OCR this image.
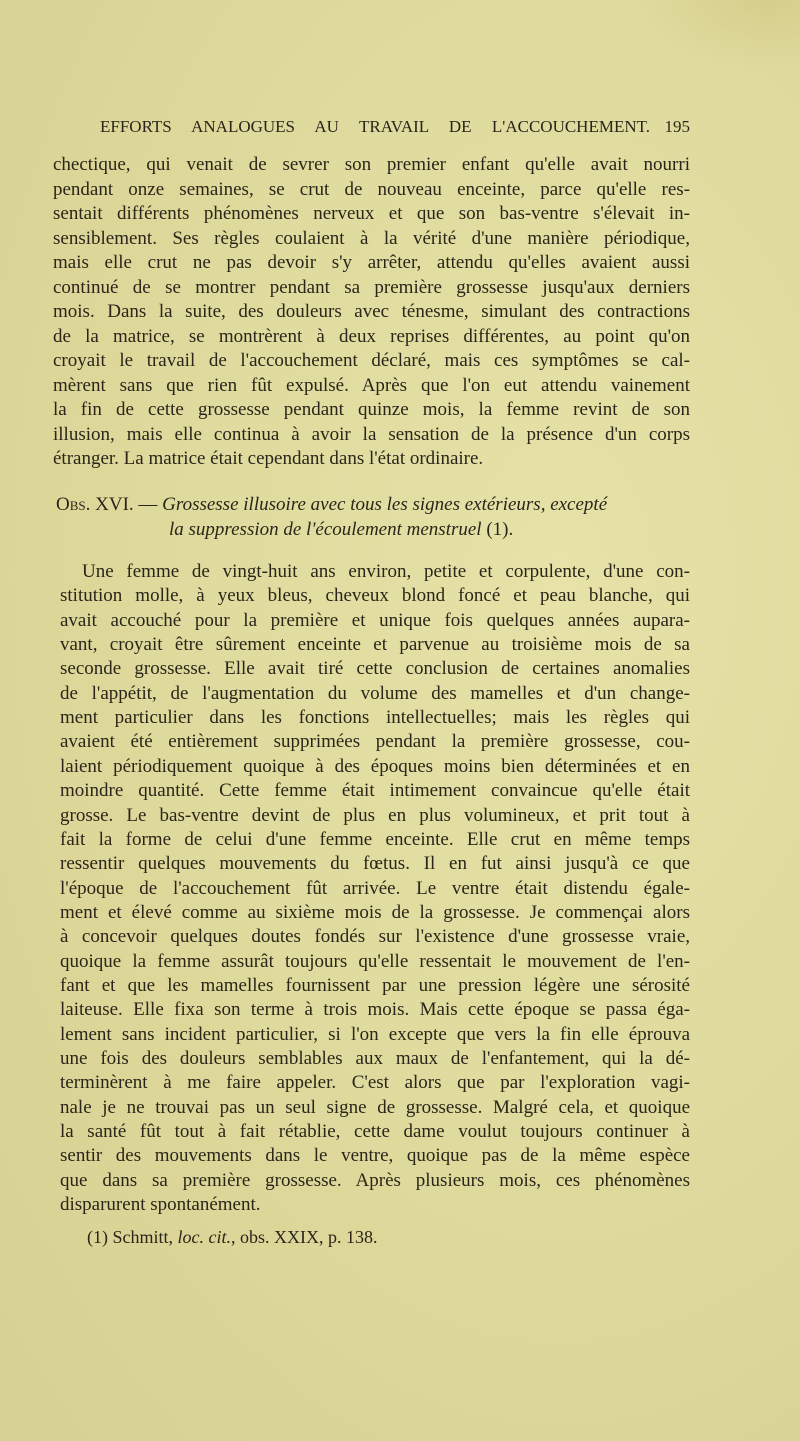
EFFORTS ANALOGUES AU TRAVAIL DE L'ACCOUCHEMENT. 195
chectique, qui venait de sevrer son premier enfant qu'elle avait nourri
pendant onze semaines, se crut de nouveau enceinte, parce qu'elle res-
sentait différents phénomènes nerveux et que son bas-ventre s'élevait in-
sensiblement. Ses règles coulaient à la vérité d'une manière périodique,
mais elle crut ne pas devoir s'y arrêter, attendu qu'elles avaient aussi
continué de se montrer pendant sa première grossesse jusqu'aux derniers
mois. Dans la suite, des douleurs avec ténesme, simulant des contractions
de la matrice, se montrèrent à deux reprises différentes, au point qu'on
croyait le travail de l'accouchement déclaré, mais ces symptômes se cal-
mèrent sans que rien fût expulsé. Après que l'on eut attendu vainement
la fin de cette grossesse pendant quinze mois, la femme revint de son
illusion, mais elle continua à avoir la sensation de la présence d'un corps
étranger. La matrice était cependant dans l'état ordinaire.
Obs. XVI. — Grossesse illusoire avec tous les signes extérieurs, excepté
la suppression de l'écoulement menstruel (1).
Une femme de vingt-huit ans environ, petite et corpulente, d'une con-
stitution molle, à yeux bleus, cheveux blond foncé et peau blanche, qui
avait accouché pour la première et unique fois quelques années aupara-
vant, croyait être sûrement enceinte et parvenue au troisième mois de sa
seconde grossesse. Elle avait tiré cette conclusion de certaines anomalies
de l'appétit, de l'augmentation du volume des mamelles et d'un change-
ment particulier dans les fonctions intellectuelles; mais les règles qui
avaient été entièrement supprimées pendant la première grossesse, cou-
laient périodiquement quoique à des époques moins bien déterminées et en
moindre quantité. Cette femme était intimement convaincue qu'elle était
grosse. Le bas-ventre devint de plus en plus volumineux, et prit tout à
fait la forme de celui d'une femme enceinte. Elle crut en même temps
ressentir quelques mouvements du fœtus. Il en fut ainsi jusqu'à ce que
l'époque de l'accouchement fût arrivée. Le ventre était distendu égale-
ment et élevé comme au sixième mois de la grossesse. Je commençai alors
à concevoir quelques doutes fondés sur l'existence d'une grossesse vraie,
quoique la femme assurât toujours qu'elle ressentait le mouvement de l'en-
fant et que les mamelles fournissent par une pression légère une sérosité
laiteuse. Elle fixa son terme à trois mois. Mais cette époque se passa éga-
lement sans incident particulier, si l'on excepte que vers la fin elle éprouva
une fois des douleurs semblables aux maux de l'enfantement, qui la dé-
terminèrent à me faire appeler. C'est alors que par l'exploration vagi-
nale je ne trouvai pas un seul signe de grossesse. Malgré cela, et quoique
la santé fût tout à fait rétablie, cette dame voulut toujours continuer à
sentir des mouvements dans le ventre, quoique pas de la même espèce
que dans sa première grossesse. Après plusieurs mois, ces phénomènes
disparurent spontanément.
(1) Schmitt, loc. cit., obs. XXIX, p. 138.
